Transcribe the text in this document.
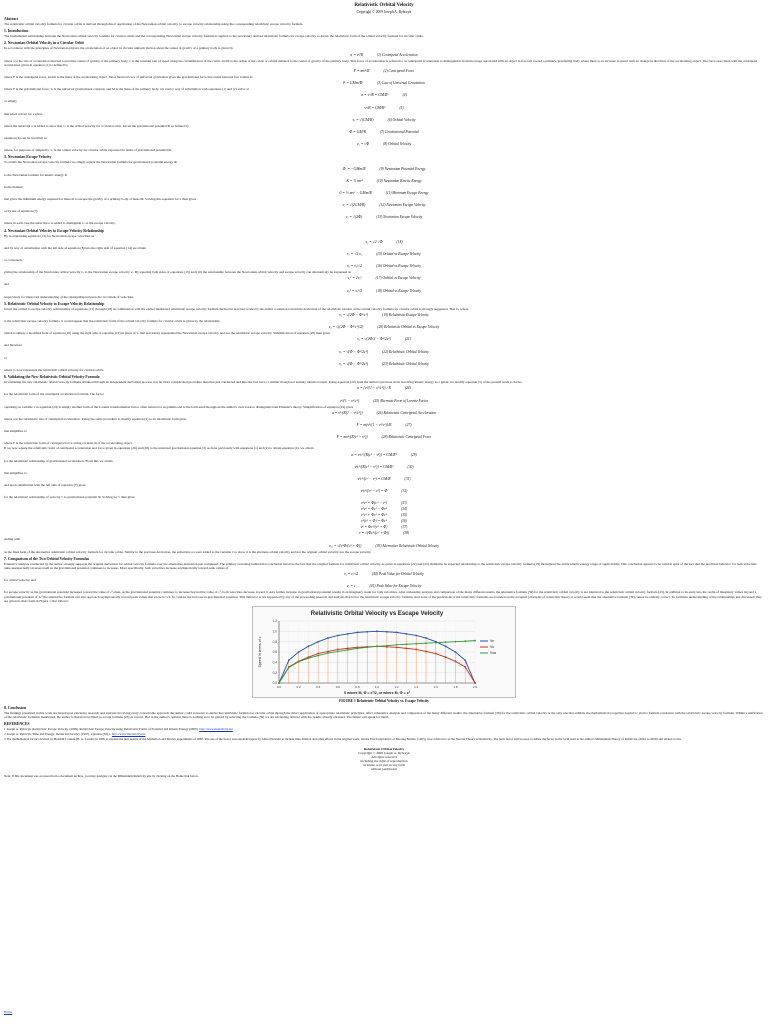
Relativistic Orbital Velocity
Copyright © 2009 Joseph A. Rybczyk
Abstract
The relativistic orbital velocity formula for circular orbits is derived through direct application of the Newtonian orbital velocity, to escape velocity relationship using the corresponding relativistic escape velocity formula.
1. Introduction
The fundamental relationship between the Newtonian orbital velocity formula for circular orbits and the corresponding Newtonian escape velocity formula is applied to the previously derived relativistic formula for escape velocity to derive the relativistic form of the orbital velocity formula for circular orbits.
2. Newtonian Orbital Velocity in a Circular Orbit
In accordance with the principles of Newtonian physics the acceleration of an object in circular uniform motion about the center of gravity of a primary body is given by
a = v²/R	(1) Centripetal Acceleration
where a is the rate of acceleration directed toward the center of gravity of the primary body, v is the constant rate of speed along the circumference of the circle, and R is the radius of the circle or orbital distance to the center of gravity of the primary body. This force of acceleration is referred to as centripetal acceleration to distinguish it from the usage associated with an object in free fall toward a primary, gravitating body where there is an increase in speed with no change in direction of the accelerating object. The force associated with the centripetal acceleration given in equation (1) is defined by
F = mv²/R	(2) Centripetal Force
where F is the centripetal force, and m is the mass of the accelerating object. Since Newton's law of universal gravitation gives the gravitational force that exists between two bodies as
F = GMm/R²	(3) Law of Universal Gravitation
where F is the gravitational force, G is the universal gravitational constant, and M is the mass of the primary body, we can by way of substitution with equations (1) and (2) arrive at
a = v²/R = GM/R²	(4)
or simply
v²/R = GM/R²	(5)
that when solved for v gives
vₒ = √(GM/R)	(6) Orbital Velocity
where the subscript o is added to show that vₒ is the orbital velocity for a circular orbit. Given the gravitational potential Φ as defined by
Φ = GM/R	(7) Gravitational Potential
equation (6) can be rewritten as
vₒ = √Φ	(8) Orbital Velocity
where, for purposes of simplicity, vₒ is the orbital velocity for circular orbits expressed in terms of gravitational potential Φ.
3. Newtonian Escape Velocity
To obtain the Newtonian escape velocity formula we simply equate the Newtonian formula for gravitational potential energy Φₑ
Φₑ = −GMm/R	(9) Newtonian Potential Energy
to the Newtonian formula for kinetic energy K
K = ½ mv²	(10) Newtonian Kinetic Energy
in the manner
0 = ½ mv² − GMm/R	(11) Minimum Escape Energy
that gives the minimum energy required for mass m to escape the gravity of a primary body of mass M. Solving this equation for v then gives
vₑ = √(2GM/R)	(12) Newtonian Escape Velocity
or by use of equation (7)
vₑ = √(2Φ)	(13) Newtonian Escape Velocity
where in each case the subscript e is added to distinguish vₑ as the escape velocity.
4. Newtonian Orbital Velocity to Escape Velocity Relationship
By re-expressing equation (13) for Newtonian escape velocities as
vₑ = √2 √Φ	(14)
and by way of substitution with the left side of equation (8) into the right side of equation (14) we obtain
vₑ = √2 vₒ	(15) Orbital vs Escape Velocity
or conversely
vₒ = vₑ/√2	(16) Orbital vs Escape Velocity
giving the relationship of the Newtonian orbital velocity vₒ to the Newtonian escape velocity vₑ. By squaring both sides of equations (15) and (16) the relationship between the Newtonian orbital velocity and escape velocity can alternatively be expressed as
vₑ² = 2vₒ²	(17) Orbital vs Escape Velocity
and
vₒ² = vₑ²/2	(18) Orbital vs Escape Velocity
respectively for improved understanding of the relationship between the two kinds of velocities.
5. Relativistic Orbital Velocity to Escape Velocity Relationship
Given the orbital to escape velocity relationships of equations (15) through (18) in combination with the earlier mentioned relativistic escape velocity formula derived in previous works by the author a solution toward the derivation of the relativistic version of the orbital velocity formula for circular orbits is strongly suggested. That is, where
vₑ = √(2Φ − Φ²/c²)	(19) Relativistic Escape Velocity
is the relativistic escape velocity formula, it would appear that the relativistic form of the orbital velocity formula for circular orbits is given by the relationship
vₒ = √((2Φ − Φ²/c²)/2)	(20) Relativistic Orbital vs Escape Velocity
which is simply a modified form of equation (16) using the right side of equation (19) in place of vₑ that previously represented the Newtonian escape velocity and not the relativistic escape velocity. Simplification of equation (20) then gives
vₒ = √(2Φ/2 − Φ²/2c²)	(21)
and therefore
vₒ = √(Φ − Φ²/2c²)	(22) Relativistic Orbital Velocity
or
vₒ = √(Φ − Φ²/2c²)	(23) Relativistic Orbital Velocity
where vₒ now represents the relativistic orbital velocity for circular orbits.
6. Validating the New Relativistic Orbital Velocity Formula
In validating the new relativistic orbital velocity formula obtained through an independent derivation process it is far more complicated procedure than that just conducted and thus the fact led to a similar though not entirely identical result. Using equation (22) from the author's previous work involving kinetic energy as a guide, we modify equation (1) of the present work to derive
a = (v²/(1 − v²/c²)) / R	(24)
for the relativistic form of the centripetal acceleration formula. The factor
v²/(1 − v²/c²)	(25) Alternate Form of Lorentz Factor
operating on variable v in equation (24) is simply another form of the Lorentz transformation factor often referred to as gamma and is the form used throughout the author's own work to distinguish from Einstein's theory. Simplification of equation (24) gives
a = v²/(R(1 − v²/c²))	(26) Relativistic Centripetal Acceleration
where a is the relativistic rate of centripetal acceleration. Using the same procedure to modify equation (2) to its relativistic form gives
F = m(v²/(1 − v²/c²))/R	(27)
that simplifies to
F = mv²/(R(c² − v²))	(28) Relativistic Centripetal Force
where F is the relativistic form of centripetal force acting on mass m of the accelerating object.
If we now equate the relativistic form of centripetal acceleration and force given in equations (26) and (28) to the universal gravitational equation (3) as done previously with equations (1) and (2) to obtain equation (4), we obtain
a = v²c²/(R(c² − v²)) = GM/R²	(29)
for the relativistic relationship of gravitational acceleration. From this we obtain
v²c²/(R(c² − v²)) = GM/R²	(30)
that simplifies to
v²c²/(c² − v²) = GM/R	(31)
and upon substitution with the left side of equation (7) gives
v²c²/(c² − v²) = Φ	(32)
for the relativistic relationship of velocity v to gravitational potential Φ. Solving for v then gives
v²c² = Φ(c² − v²)	(33)
v²c² = Φc² − Φv²	(34)
v²c² + Φv² = Φc²	(35)
v²(c² + Φ) = Φc²	(36)
v² = Φc²/(c² + Φ)	(37)
v = √(Φc²/(c² + Φ))	(38)
ending with
vₒₐ = √(c²Φ/(c² + Φ))	(39) Alternative Relativistic Orbital Velocity
as the final form of the alternative relativistic orbital velocity formula for circular orbits. Similar to the previous derivation, the subscripts oa were added to the variable v to show it is the alternate orbital velocity and not the original orbital velocity nor the escape velocity.
7. Comparison of the Two Orbital Velocity Formulas
Extensive analysis conducted by the author strongly supports the original derivation for orbital velocity formula over the alternative derivation just completed. The primary reasoning behind that conclusion involves the fact that the original formula for relativistic orbital velocity as given in equations (22) and (23) maintains its expected relationship to the relativistic escape velocity formula (19) throughout the entire kinetic energy range of applicability. This conclusion appears to be valid in spite of the fact that the predicted behavior for both velocities quite unexpectedly reverses itself as the gravitational potential continues to increase. More specifically, both velocities increase asymptotically toward peak values of
vₒ = c/√2	(40) Peak Value for Orbital Velocity
for orbital velocity, and
vₑ = c	(41) Peak Value for Escape Velocity
for escape velocity as the gravitational potential increases toward the value of c², then, as the gravitational potential continues to increase beyond the value of c², both velocities decrease toward 0. Any further increase in gravitational potential results in an imaginary result for both velocities. After exhaustive analysis and comparison of the many different results, the alternative formula (39) for the relativistic orbital velocity is not identical to the relativistic orbital velocity formula (23). In addition to its entry into the realm of imaginary values beyond a gravitational potential of 2c² the alternative formula can also approach asymptotically toward peak values that exceed c/√2. In contrast the increase in gravitational potential. This behavior is not supported by any of the proceeding research and analysis that led to the relativistic escape velocity formula. And none of the predictions of the relativistic formulas are founded on the accepted principles of relativistic theory, it would seem that the alternative formula (39) cannot be entirely correct. To facilitate understanding of the relationships just discussed, they are given in chart form in Figure 1 that follows:
Relativistic Orbital Velocity vs Escape Velocity
0.0
0.2
0.4
0.6
0.8
1.0
1.2
0.0	0.2	0.4	0.6	0.8	1.0	1.2	1.4	1.6	1.8	2.0
Speed in terms of c
0 where M, Φ = c²/2, or where M, Φ = c²
Ve
Vo
Voa
FIGURE 1 Relativistic Orbital Velocity vs. Escape Velocity
8. Conclusion
The findings presented in this work are based upon extensive research and analysis involving every conceivable approach the author could conceive to derive the relativistic formula for circular orbits through the direct application of appropriate relativistic principles. After exhaustive analysis and comparison of the many different results, the alternative formula (39) for the relativistic orbital velocity is the only one that exhibits the mathematical properties needed to yield a formula consistent with the relativistic escape velocity formula. Within a unification of the relativistic formulas mentioned, the author is therefore inclined to accept formula (23) as correct. But in the author's opinion there is nothing as to be gained by selecting the formula (39) we are advancing derived with the results already obtained. The future will speak for itself.
REFERENCES
1 Joseph A. Rybczyk, Relativistic Escape Velocity, (2009), Relativistic Escape Velocity using Relativistic Forms of Potential and Kinetic Energy (2009), http://www.mrelativity.net
2 Joseph A. Rybczyk, Time and Energy, Inertia and Gravity (1997), equation (58) p. http://www.mrelativity.net
3 The mathematical factors devised by Hendrik Lorentz (H. A. Lorentz in 1895 to explain the null results of the Michelson and Morley experiments of 1887. The use of the factor was expanded upon by Albert Einstein to include time dilation and other effects in his original work, On the Electrodynamics of Moving Bodies, (1905), now referred to as the Special Theory of Relativity. The term factor will be used to define the factor in the form used in the author's Millennium Theory of Relativity, (2001 to 2009) and related works.
Relativistic Orbital Velocity
Copyright © 2009 Joseph A. Rybczyk
All rights reserved
including the right of reproduction
in whole or in part in any form
without permission
Note: If this document was accessed from a document archive, you may navigate via the Millennium Relativity site by clicking on the Home link below.
Home
